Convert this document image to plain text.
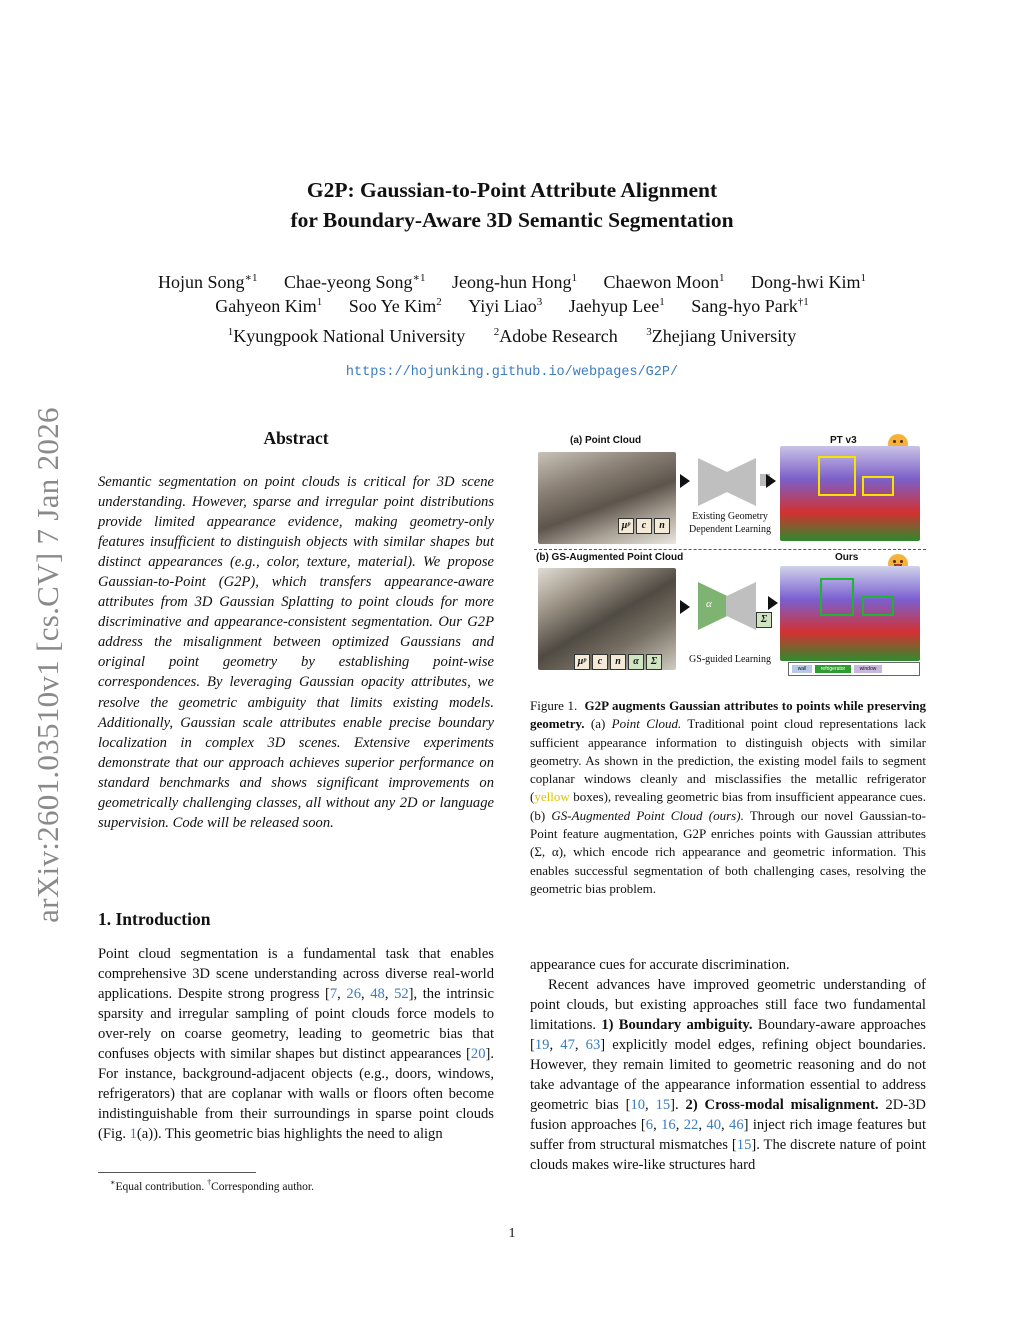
arXiv:2601.03510v1 [cs.CV] 7 Jan 2026
G2P: Gaussian-to-Point Attribute Alignment
for Boundary-Aware 3D Semantic Segmentation
Hojun Song$^{∗1}$ Chae-yeong Song$^{∗1}$ Jeong-hun Hong$^1$ Chaewon Moon$^1$ Dong-hwi Kim$^1$
Gahyeon Kim$^1$ Soo Ye Kim$^2$ Yiyi Liao$^3$ Jaehyup Lee$^1$ Sang-hyo Park$^{\dagger 1}$
$^1$Kyungpook National University	$^2$Adobe Research	$^3$Zhejiang University
https://hojunking.github.io/webpages/G2P/
Abstract
Semantic segmentation on point clouds is critical for 3D scene understanding. However, sparse and irregular point distributions provide limited appearance evidence, making geometry-only features insufficient to distinguish objects with similar shapes but distinct appearances (e.g., color, texture, material). We propose Gaussian-to-Point (G2P), which transfers appearance-aware attributes from 3D Gaussian Splatting to point clouds for more discriminative and appearance-consistent segmentation. Our G2P address the misalignment between optimized Gaussians and original point geometry by establishing point-wise correspondences. By leveraging Gaussian opacity attributes, we resolve the geometric ambiguity that limits existing models. Additionally, Gaussian scale attributes enable precise boundary localization in complex 3D scenes. Extensive experiments demonstrate that our approach achieves superior performance on standard benchmarks and shows significant improvements on geometrically challenging classes, all without any 2D or language supervision. Code will be released soon.
1. Introduction
Point cloud segmentation is a fundamental task that enables comprehensive 3D scene understanding across diverse real-world applications. Despite strong progress [7, 26, 48, 52], the intrinsic sparsity and irregular sampling of point clouds force models to over-rely on coarse geometry, leading to geometric bias that confuses objects with similar shapes but distinct appearances [20]. For instance, background-adjacent objects (e.g., doors, windows, refrigerators) that are coplanar with walls or floors often become indistinguishable from their surroundings in sparse point clouds (Fig. 1(a)). This geometric bias highlights the need to align
∗Equal contribution. †Corresponding author.
(a) Point Cloud	PT v3
μᵖ	c	n
Existing Geometry Dependent Learning
(b) GS-Augmented Point Cloud	Ours
μᵖ	c	n	α	Σ
α
Σ
GS-guided Learning
wall	refrigerator	window
Figure 1. G2P augments Gaussian attributes to points while preserving geometry. (a) Point Cloud. Traditional point cloud representations lack sufficient appearance information to distinguish objects with similar geometry. As shown in the prediction, the existing model fails to segment coplanar windows cleanly and misclassifies the metallic refrigerator (yellow boxes), revealing geometric bias from insufficient appearance cues. (b) GS-Augmented Point Cloud (ours). Through our novel Gaussian-to-Point feature augmentation, G2P enriches points with Gaussian attributes (Σ, α), which encode rich appearance and geometric information. This enables successful segmentation of both challenging cases, resolving the geometric bias problem.
appearance cues for accurate discrimination.
Recent advances have improved geometric understanding of point clouds, but existing approaches still face two fundamental limitations. 1) Boundary ambiguity. Boundary-aware approaches [19, 47, 63] explicitly model edges, refining object boundaries. However, they remain limited to geometric reasoning and do not take advantage of the appearance information essential to address geometric bias [10, 15]. 2) Cross-modal misalignment. 2D-3D fusion approaches [6, 16, 22, 40, 46] inject rich image features but suffer from structural mismatches [15]. The discrete nature of point clouds makes wire-like structures hard
1
